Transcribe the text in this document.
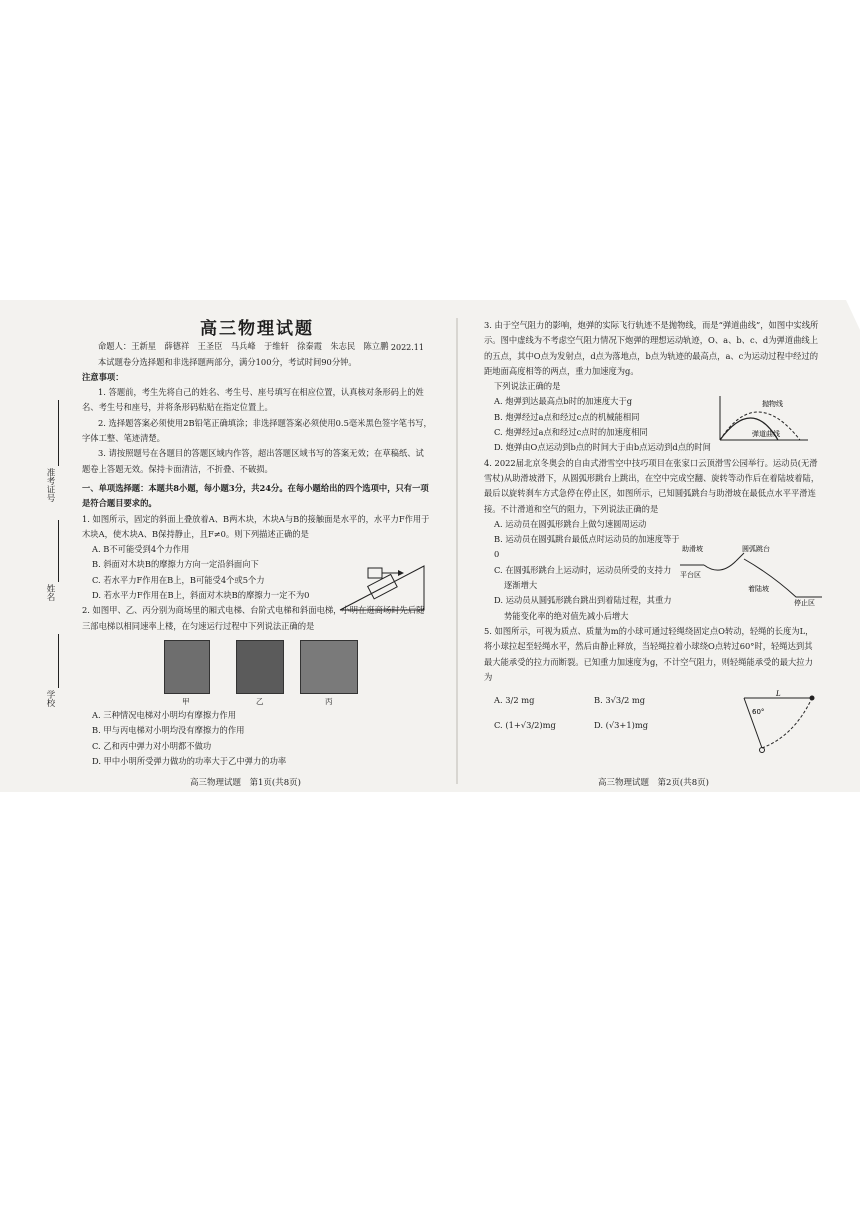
准考证号
姓名
学校

高三物理试题

2022.11

命题人：王新星　薛德祥　王圣臣　马兵峰　于维轩　徐秦霞　朱志民　陈立鹏

本试题卷分选择题和非选择题两部分，满分100分，考试时间90分钟。

注意事项：

1. 答题前，考生先将自己的姓名、考生号、座号填写在相应位置，认真核对条形码上的姓名、考生号和座号，并将条形码粘贴在指定位置上。

2. 选择题答案必须使用2B铅笔正确填涂；非选择题答案必须使用0.5毫米黑色签字笔书写，字体工整、笔迹清楚。

3. 请按照题号在各题目的答题区域内作答，超出答题区域书写的答案无效；在草稿纸、试题卷上答题无效。保持卡面清洁，不折叠、不破损。

一、单项选择题：本题共8小题，每小题3分，共24分。在每小题给出的四个选项中，只有一项是符合题目要求的。

1. 如图所示，固定的斜面上叠放着A、B两木块，木块A与B的接触面是水平的，水平力F作用于木块A，使木块A、B保持静止，且F≠0。则下列描述正确的是

A. B不可能受到4个力作用

B. 斜面对木块B的摩擦力方向一定沿斜面向下

C. 若水平力F作用在B上，B可能受4个或5个力

D. 若水平力F作用在B上，斜面对木块B的摩擦力一定不为0

2. 如图甲、乙、丙分别为商场里的厢式电梯、台阶式电梯和斜面电梯，小明在逛商场时先后随三部电梯以相同速率上楼，在匀速运行过程中下列说法正确的是

A. 三种情况电梯对小明均有摩擦力作用

B. 甲与丙电梯对小明均没有摩擦力的作用

C. 乙和丙中弹力对小明都不做功

D. 甲中小明所受弹力做功的功率大于乙中弹力的功率

甲	乙	丙
高三物理试题　第1页(共8页)

3. 由于空气阻力的影响，炮弹的实际飞行轨迹不是抛物线，而是“弹道曲线”，如图中实线所示。图中虚线为不考虑空气阻力情况下炮弹的理想运动轨迹，O、a、b、c、d为弹道曲线上的五点，其中O点为发射点，d点为落地点，b点为轨迹的最高点，a、c为运动过程中经过的距地面高度相等的两点，重力加速度为g。

下列说法正确的是

A. 炮弹到达最高点b时的加速度大于g

B. 炮弹经过a点和经过c点的机械能相同

C. 炮弹经过a点和经过c点时的加速度相同

D. 炮弹由O点运动到b点的时间大于由b点运动到d点的时间

4. 2022届北京冬奥会的自由式滑雪空中技巧项目在张家口云顶滑雪公园举行。运动员(无滑雪杖)从助滑坡滑下，从圆弧形跳台上跳出，在空中完成空翻、旋转等动作后在着陆坡着陆，最后以旋转刹车方式急停在停止区，如图所示，已知圆弧跳台与助滑坡在最低点水平平滑连接。不计滑道和空气的阻力，下列说法正确的是

A. 运动员在圆弧形跳台上做匀速圆周运动

B. 运动员在圆弧跳台最低点时运动员的加速度等于0

C. 在圆弧形跳台上运动时，运动员所受的支持力

逐渐增大

D. 运动员从圆弧形跳台跳出到着陆过程，其重力

势能变化率的绝对值先减小后增大

5. 如图所示，可视为质点、质量为m的小球可通过轻绳绕固定点O转动，轻绳的长度为L，将小球拉起至轻绳水平，然后由静止释放，当轻绳拉着小球绕O点转过60°时，轻绳达到其最大能承受的拉力而断裂。已知重力加速度为g，不计空气阻力，则轻绳能承受的最大拉力为

A. 3/2 mg	B. 3√3/2 mg
C. (1+√3/2)mg	D. (√3+1)mg
抛物线
弹道曲线
助滑坡	圆弧跳台
平台区
着陆坡
停止区
L
60°
高三物理试题　第2页(共8页)
